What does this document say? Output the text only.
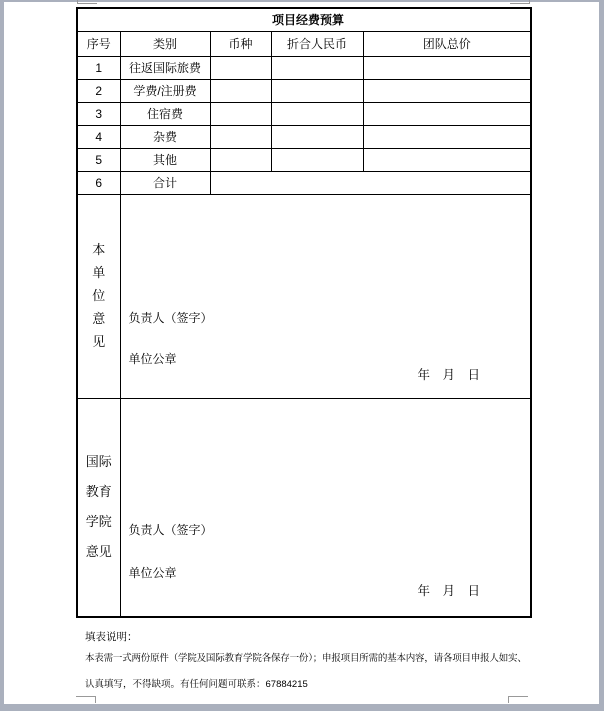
项目经费预算				
序号	类别	币种	折合人民币	团队总价
1	往返国际旅费			
2	学费/注册费			
3	住宿费			
4	杂费			
5	其他			
6	合计			

本
单
位
意
见	负责人（签字）
单位公章
年　月　日			

国际
教育
学院
意见	负责人（签字）
单位公章
年　月　日			
填表说明：
本表需一式两份原件（学院及国际教育学院各保存一份）；申报项目所需的基本内容，请各项目申报人如实、
认真填写，不得缺项。有任何问题可联系：67884215
